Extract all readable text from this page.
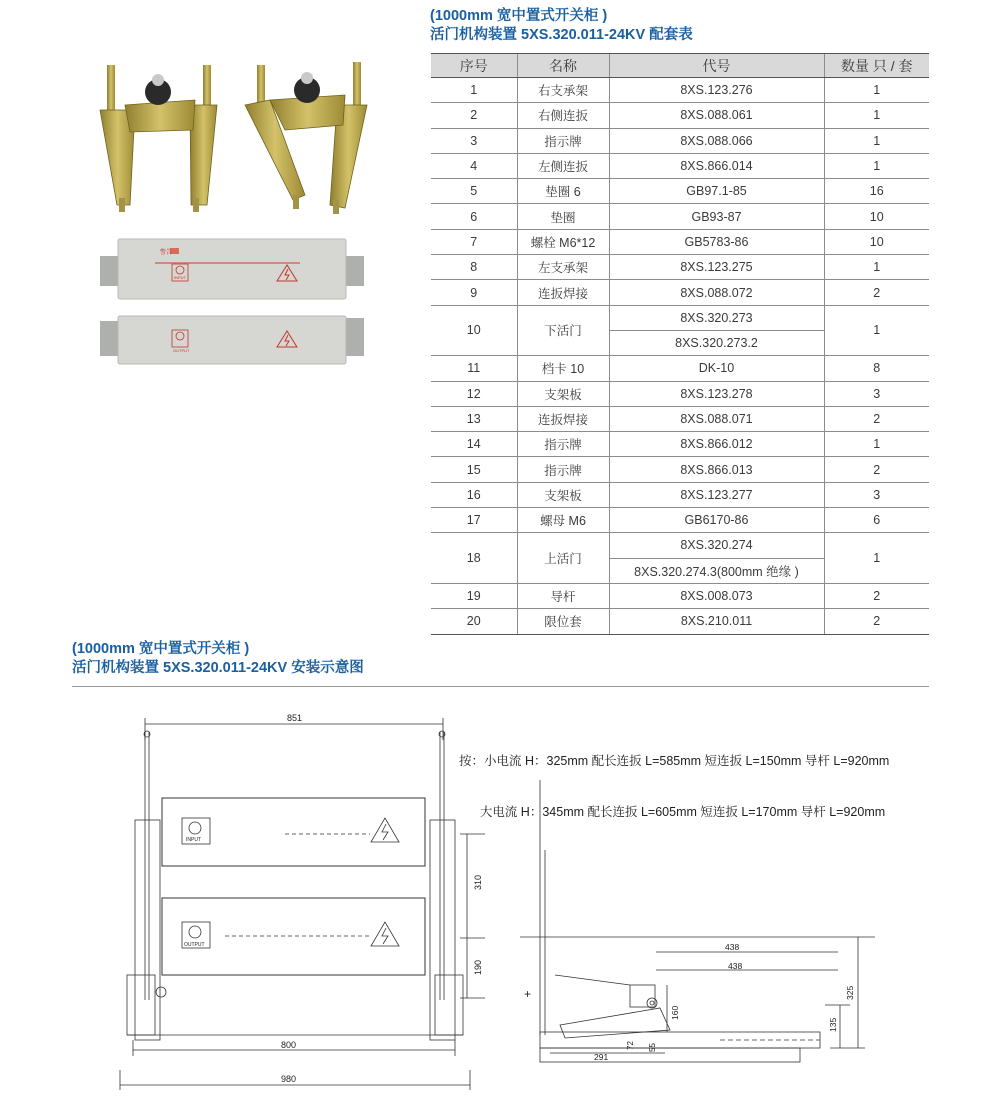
(1000mm 宽中置式开关柜 )
活门机构装置 5XS.320.011-24KV 配套表
警告
INPUT
OUTPUT
序号	名称	代号	数量 只 / 套
1	右支承架	8XS.123.276	1
2	右侧连扳	8XS.088.061	1
3	指示牌	8XS.088.066	1
4	左侧连扳	8XS.866.014	1
5	垫圈 6	GB97.1-85	16
6	垫圈	GB93-87	10
7	螺栓 M6*12	GB5783-86	10
8	左支承架	8XS.123.275	1
9	连扳焊接	8XS.088.072	2
10	下活门	8XS.320.273	1
		8XS.320.273.2	
11	档卡 10	DK-10	8
12	支架板	8XS.123.278	3
13	连扳焊接	8XS.088.071	2
14	指示牌	8XS.866.012	1
15	指示牌	8XS.866.013	2
16	支架板	8XS.123.277	3
17	螺母 M6	GB6170-86	6
18	上活门	8XS.320.274	1
		8XS.320.274.3(800mm 绝缘 )	
19	导杆	8XS.008.073	2
20	限位套	8XS.210.011	2
(1000mm 宽中置式开关柜 )
活门机构装置 5XS.320.011-24KV 安装示意图

按：小电流 H：325mm 配长连扳 L=585mm 短连扳 L=150mm 导杆 L=920mm

大电流 H：345mm 配长连扳 L=605mm 短连扳 L=170mm 导杆 L=920mm

851
INPUT
OUTPUT
310
190
800
980
+
438
438
325
135
160
72 55
291
